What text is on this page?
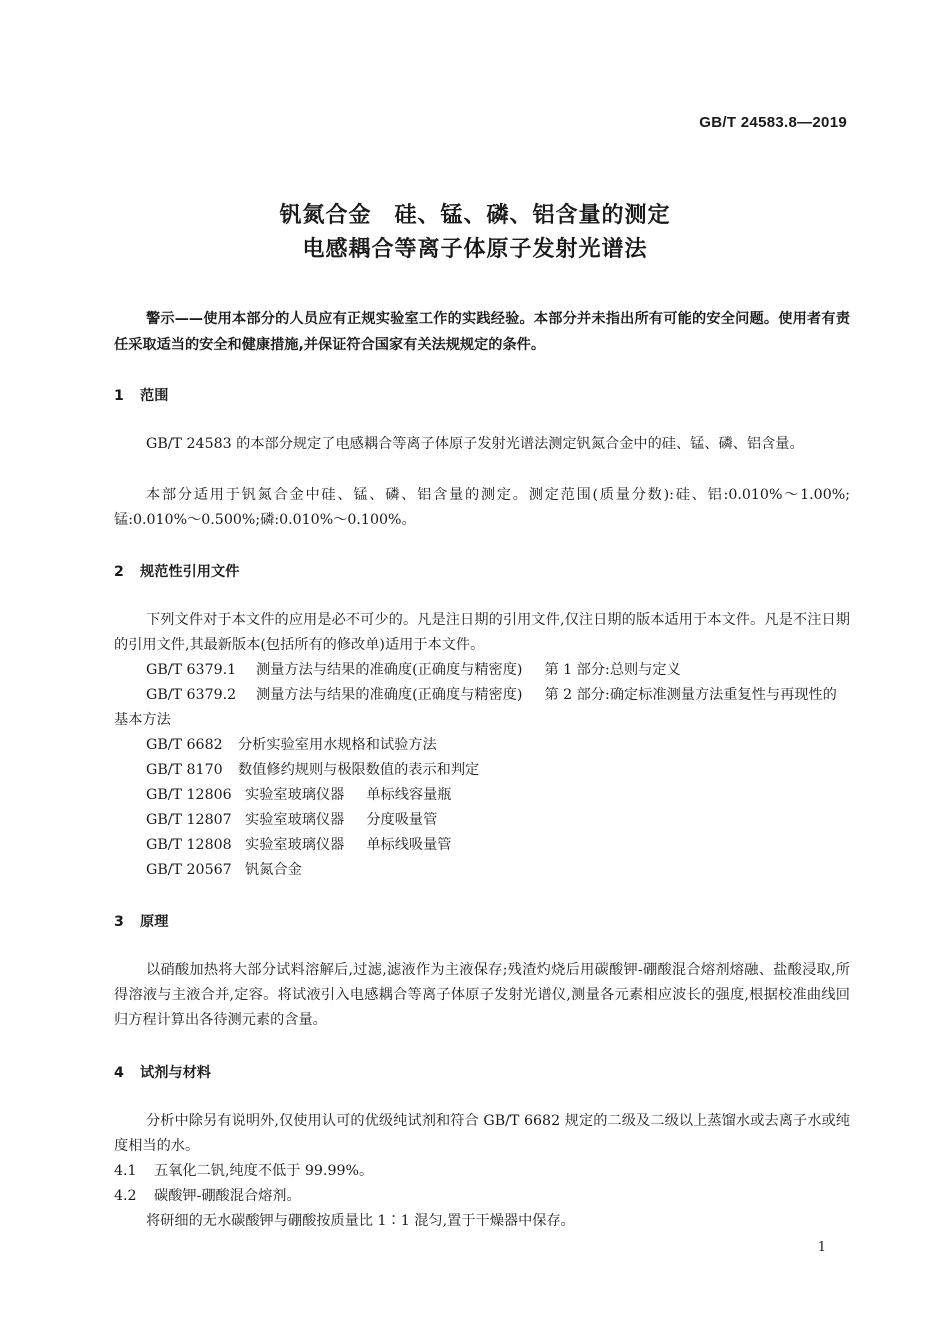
GB/T 24583.8—2019
钒氮合金　硅、锰、磷、铝含量的测定
电感耦合等离子体原子发射光谱法
警示——使用本部分的人员应有正规实验室工作的实践经验。本部分并未指出所有可能的安全问题。使用者有责任采取适当的安全和健康措施,并保证符合国家有关法规规定的条件。
1 范围
GB/T 24583 的本部分规定了电感耦合等离子体原子发射光谱法测定钒氮合金中的硅、锰、磷、铝含量。
本部分适用于钒氮合金中硅、锰、磷、铝含量的测定。测定范围(质量分数):硅、铝:0.010%～1.00%;锰:0.010%～0.500%;磷:0.010%～0.100%。
2 规范性引用文件
下列文件对于本文件的应用是必不可少的。凡是注日期的引用文件,仅注日期的版本适用于本文件。凡是不注日期的引用文件,其最新版本(包括所有的修改单)适用于本文件。
GB/T 6379.1 测量方法与结果的准确度(正确度与精密度) 第 1 部分:总则与定义
GB/T 6379.2 测量方法与结果的准确度(正确度与精密度) 第 2 部分:确定标准测量方法重复性与再现性的基本方法
GB/T 6682 分析实验室用水规格和试验方法
GB/T 8170 数值修约规则与极限数值的表示和判定
GB/T 12806 实验室玻璃仪器 单标线容量瓶
GB/T 12807 实验室玻璃仪器 分度吸量管
GB/T 12808 实验室玻璃仪器 单标线吸量管
GB/T 20567 钒氮合金
3 原理
以硝酸加热将大部分试料溶解后,过滤,滤液作为主液保存;残渣灼烧后用碳酸钾-硼酸混合熔剂熔融、盐酸浸取,所得溶液与主液合并,定容。将试液引入电感耦合等离子体原子发射光谱仪,测量各元素相应波长的强度,根据校准曲线回归方程计算出各待测元素的含量。
4 试剂与材料
分析中除另有说明外,仅使用认可的优级纯试剂和符合 GB/T 6682 规定的二级及二级以上蒸馏水或去离子水或纯度相当的水。
4.1 五氧化二钒,纯度不低于 99.99%。
4.2 碳酸钾-硼酸混合熔剂。
将研细的无水碳酸钾与硼酸按质量比 1∶1 混匀,置于干燥器中保存。
1
